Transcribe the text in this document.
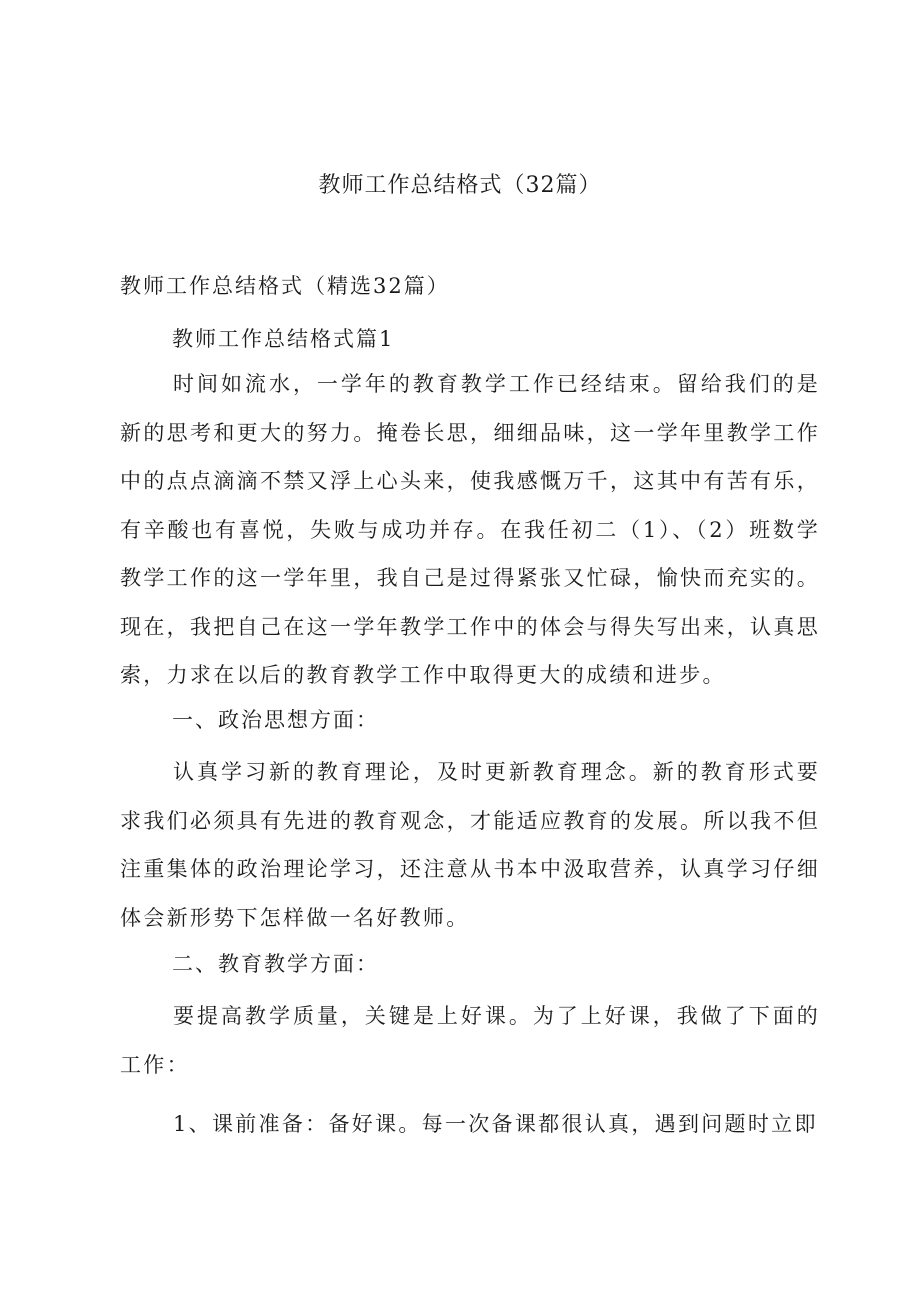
教师工作总结格式（32篇）
教师工作总结格式（精选32篇）
教师工作总结格式篇1

时间如流水，一学年的教育教学工作已经结束。留给我们的是新的思考和更大的努力。掩卷长思，细细品味，这一学年里教学工作中的点点滴滴不禁又浮上心头来，使我感慨万千，这其中有苦有乐，有辛酸也有喜悦，失败与成功并存。在我任初二（1）、（2）班数学教学工作的这一学年里，我自己是过得紧张又忙碌，愉快而充实的。现在，我把自己在这一学年教学工作中的体会与得失写出来，认真思索，力求在以后的教育教学工作中取得更大的成绩和进步。

一、政治思想方面：

认真学习新的教育理论，及时更新教育理念。新的教育形式要求我们必须具有先进的教育观念，才能适应教育的发展。所以我不但注重集体的政治理论学习，还注意从书本中汲取营养，认真学习仔细体会新形势下怎样做一名好教师。

二、教育教学方面：

要提高教学质量，关键是上好课。为了上好课，我做了下面的工作：

1、课前准备：备好课。每一次备课都很认真，遇到问题时立即
